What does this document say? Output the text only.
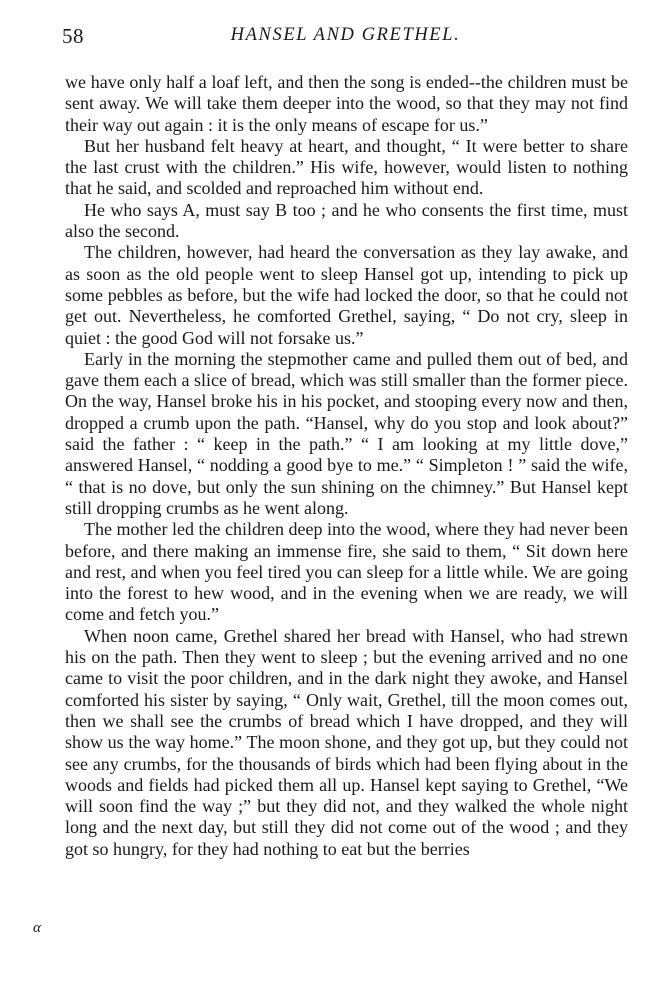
58	HANSEL AND GRETHEL.

we have only half a loaf left, and then the song is ended--the children must be sent away. We will take them deeper into the wood, so that they may not find their way out again : it is the only means of escape for us.”

But her husband felt heavy at heart, and thought, “ It were better to share the last crust with the children.” His wife, however, would listen to nothing that he said, and scolded and reproached him without end.

He who says A, must say B too ; and he who consents the first time, must also the second.

The children, however, had heard the conversation as they lay awake, and as soon as the old people went to sleep Hansel got up, intending to pick up some pebbles as before, but the wife had locked the door, so that he could not get out. Nevertheless, he comforted Grethel, saying, “ Do not cry, sleep in quiet : the good God will not forsake us.”

Early in the morning the stepmother came and pulled them out of bed, and gave them each a slice of bread, which was still smaller than the former piece. On the way, Hansel broke his in his pocket, and stooping every now and then, dropped a crumb upon the path. “Hansel, why do you stop and look about?” said the father : “ keep in the path.” “ I am looking at my little dove,” answered Hansel, “ nodding a good bye to me.” “ Simpleton ! ” said the wife, “ that is no dove, but only the sun shining on the chimney.” But Hansel kept still dropping crumbs as he went along.

The mother led the children deep into the wood, where they had never been before, and there making an immense fire, she said to them, “ Sit down here and rest, and when you feel tired you can sleep for a little while. We are going into the forest to hew wood, and in the evening when we are ready, we will come and fetch you.”

When noon came, Grethel shared her bread with Hansel, who had strewn his on the path. Then they went to sleep ; but the evening arrived and no one came to visit the poor children, and in the dark night they awoke, and Hansel comforted his sister by saying, “ Only wait, Grethel, till the moon comes out, then we shall see the crumbs of bread which I have dropped, and they will show us the way home.” The moon shone, and they got up, but they could not see any crumbs, for the thousands of birds which had been flying about in the woods and fields had picked them all up. Hansel kept saying to Grethel, “We will soon find the way ;” but they did not, and they walked the whole night long and the next day, but still they did not come out of the wood ; and they got so hungry, for they had nothing to eat but the berries

α
